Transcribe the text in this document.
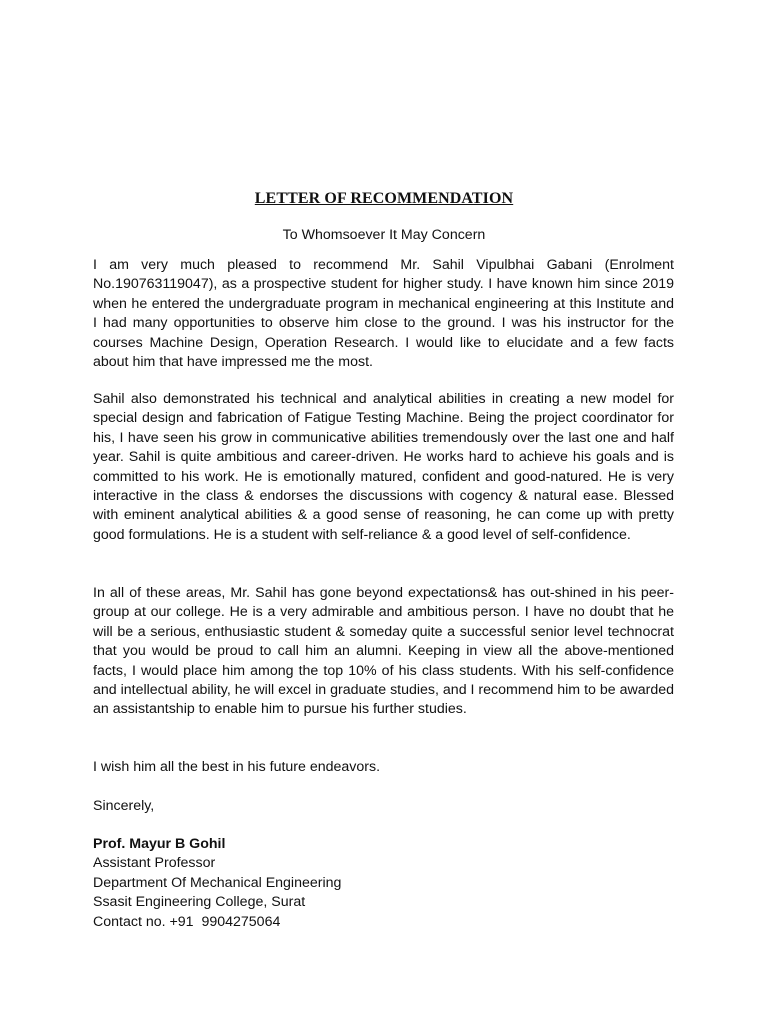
LETTER OF RECOMMENDATION
To Whomsoever It May Concern

I am very much pleased to recommend Mr. Sahil Vipulbhai Gabani (Enrolment No.190763119047), as a prospective student for higher study. I have known him since 2019 when he entered the undergraduate program in mechanical engineering at this Institute and I had many opportunities to observe him close to the ground. I was his instructor for the courses Machine Design, Operation Research. I would like to elucidate and a few facts about him that have impressed me the most.

Sahil also demonstrated his technical and analytical abilities in creating a new model for special design and fabrication of Fatigue Testing Machine. Being the project coordinator for his, I have seen his grow in communicative abilities tremendously over the last one and half year. Sahil is quite ambitious and career-driven. He works hard to achieve his goals and is committed to his work. He is emotionally matured, confident and good-natured. He is very interactive in the class & endorses the discussions with cogency & natural ease. Blessed with eminent analytical abilities & a good sense of reasoning, he can come up with pretty good formulations. He is a student with self-reliance & a good level of self-confidence.

In all of these areas, Mr. Sahil has gone beyond expectations& has out-shined in his peer-group at our college. He is a very admirable and ambitious person. I have no doubt that he will be a serious, enthusiastic student & someday quite a successful senior level technocrat that you would be proud to call him an alumni. Keeping in view all the above-mentioned facts, I would place him among the top 10% of his class students. With his self-confidence and intellectual ability, he will excel in graduate studies, and I recommend him to be awarded an assistantship to enable him to pursue his further studies.

I wish him all the best in his future endeavors.

Sincerely,

Prof. Mayur B Gohil
Assistant Professor
Department Of Mechanical Engineering
Ssasit Engineering College, Surat
Contact no. +91  9904275064
